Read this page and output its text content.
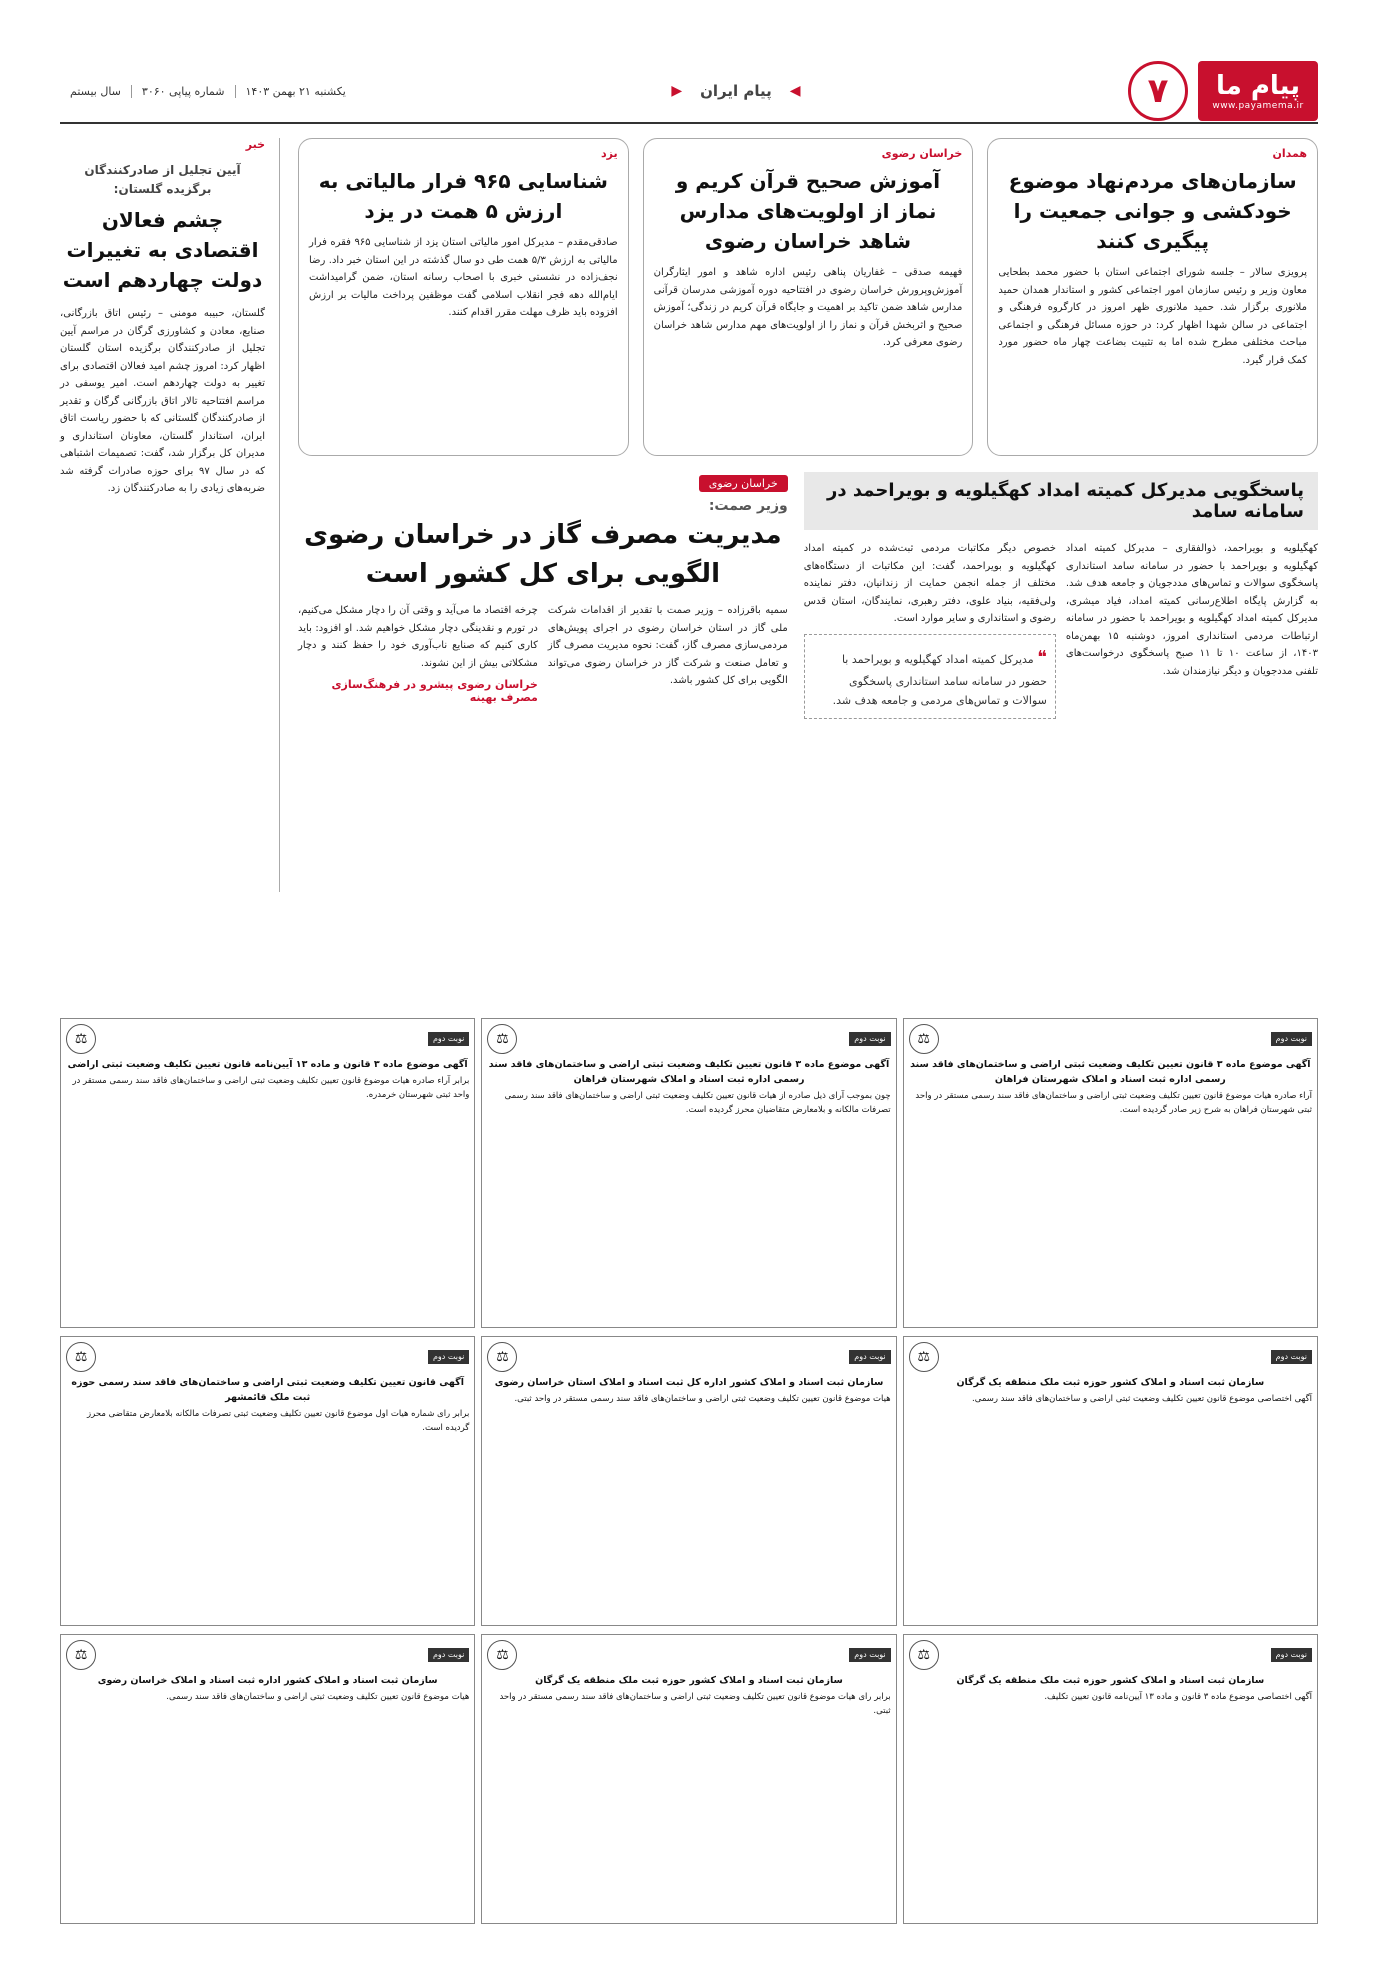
پیام ما
www.payamema.ir
۷
◀
پیام ایران
▶
یکشنبه ۲۱ بهمن ۱۴۰۳
شماره پیاپی ۳۰۶۰
سال بیستم
همدان
سازمان‌های مردم‌نهاد موضوع خودکشی و جوانی جمعیت را پیگیری کنند

پرویزی سالار – جلسه شورای اجتماعی استان با حضور محمد بطحایی معاون وزیر و رئیس سازمان امور اجتماعی کشور و استاندار همدان حمید ملانوری برگزار شد. حمید ملانوری ظهر امروز در کارگروه فرهنگی و اجتماعی در سالن شهدا اظهار کرد: در حوزه مسائل فرهنگی و اجتماعی مباحث مختلفی مطرح شده اما به تثبیت بضاعت چهار ماه حضور مورد کمک قرار گیرد.

خراسان رضوی
آموزش صحیح قرآن کریم و نماز از اولویت‌های مدارس شاهد خراسان رضوی

فهیمه صدقی – غفاریان پناهی رئیس اداره شاهد و امور ایثارگران آموزش‌وپرورش خراسان رضوی در افتتاحیه دوره آموزشی مدرسان قرآنی مدارس شاهد ضمن تاکید بر اهمیت و جایگاه قرآن کریم در زندگی؛ آموزش صحیح و اثربخش قرآن و نماز را از اولویت‌های مهم مدارس شاهد خراسان رضوی معرفی کرد.

یزد
شناسایی ۹۶۵ فرار مالیاتی به ارزش ۵ همت در یزد

صادقی‌مقدم – مدیرکل امور مالیاتی استان یزد از شناسایی ۹۶۵ فقره فرار مالیاتی به ارزش ۵/۳ همت طی دو سال گذشته در این استان خبر داد. رضا نجف‌زاده در نشستی خبری با اصحاب رسانه استان، ضمن گرامیداشت ایام‌الله دهه فجر انقلاب اسلامی گفت موظفین پرداخت مالیات بر ارزش افزوده باید ظرف مهلت مقرر اقدام کنند.

پاسخگویی مدیرکل کمیته امداد کهگیلویه و بویراحمد در سامانه سامد

کهگیلویه و بویراحمد، ذوالفقاری – مدیرکل کمیته امداد کهگیلویه و بویراحمد با حضور در سامانه سامد استانداری پاسخگوی سوالات و تماس‌های مددجویان و جامعه هدف شد. به گزارش پایگاه اطلاع‌رسانی کمیته امداد، فیاد میشری، مدیرکل کمیته امداد کهگیلویه و بویراحمد با حضور در سامانه ارتباطات مردمی استانداری امروز، دوشنبه ۱۵ بهمن‌ماه ۱۴۰۳، از ساعت ۱۰ تا ۱۱ صبح پاسخگوی درخواست‌های تلفنی مددجویان و دیگر نیازمندان شد.

خصوص دیگر مکاتبات مردمی ثبت‌شده در کمیته امداد کهگیلویه و بویراحمد، گفت: این مکاتبات از دستگاه‌های مختلف از جمله انجمن حمایت از زندانیان، دفتر نماینده ولی‌فقیه، بنیاد علوی، دفتر رهبری، نمایندگان، استان قدس رضوی و استانداری و سایر موارد است.

❝ مدیرکل کمیته امداد کهگیلویه و بویراحمد با حضور در سامانه سامد استانداری پاسخگوی سوالات و تماس‌های مردمی و جامعه هدف شد.
خراسان رضوی
وزیر صمت:
مدیریت مصرف گاز در خراسان رضوی الگویی برای کل کشور است

سمیه باقرزاده – وزیر صمت با تقدیر از اقدامات شرکت ملی گاز در استان خراسان رضوی در اجرای پویش‌های مردمی‌سازی مصرف گاز، گفت: نحوه مدیریت مصرف گاز و تعامل صنعت و شرکت گاز در خراسان رضوی می‌تواند الگویی برای کل کشور باشد.

چرخه اقتصاد ما می‌آید و وقتی آن را دچار مشکل می‌کنیم، در تورم و نقدینگی دچار مشکل خواهیم شد. او افزود: باید کاری کنیم که صنایع ناب‌آوری خود را حفظ کنند و دچار مشکلاتی بیش از این نشوند.

خراسان رضوی پیشرو در فرهنگ‌سازی مصرف بهینه
خبر
آیین تجلیل از صادرکنندگان برگزیده گلستان:
چشم فعالان اقتصادی به تغییرات دولت چهاردهم است

گلستان، حبیبه مومنی – رئیس اتاق بازرگانی، صنایع، معادن و کشاورزی گرگان در مراسم آیین تجلیل از صادرکنندگان برگزیده استان گلستان اظهار کرد: امروز چشم امید فعالان اقتصادی برای تغییر به دولت چهاردهم است. امیر یوسفی در مراسم افتتاحیه تالار اتاق بازرگانی گرگان و تقدیر از صادرکنندگان گلستانی که با حضور ریاست اتاق ایران، استاندار گلستان، معاونان استانداری و مدیران کل برگزار شد، گفت: تصمیمات اشتباهی که در سال ۹۷ برای حوزه صادرات گرفته شد ضربه‌های زیادی را به صادرکنندگان زد.

نوبت دوم
⚖
آگهی موضوع ماده ۳ قانون تعیین تکلیف وضعیت ثبتی اراضی و ساختمان‌های فاقد سند رسمی اداره ثبت اسناد و املاک شهرستان فراهان
آراء صادره هیات موضوع قانون تعیین تکلیف وضعیت ثبتی اراضی و ساختمان‌های فاقد سند رسمی مستقر در واحد ثبتی شهرستان فراهان به شرح زیر صادر گردیده است.
نوبت دوم
⚖
آگهی موضوع ماده ۳ قانون تعیین تکلیف وضعیت ثبتی اراضی و ساختمان‌های فاقد سند رسمی اداره ثبت اسناد و املاک شهرستان فراهان
چون بموجب آرای ذیل صادره از هیات قانون تعیین تکلیف وضعیت ثبتی اراضی و ساختمان‌های فاقد سند رسمی تصرفات مالکانه و بلامعارض متقاضیان محرز گردیده است.
نوبت دوم
⚖
آگهی موضوع ماده ۳ قانون و ماده ۱۳ آیین‌نامه قانون تعیین تکلیف وضعیت ثبتی اراضی
برابر آراء صادره هیات موضوع قانون تعیین تکلیف وضعیت ثبتی اراضی و ساختمان‌های فاقد سند رسمی مستقر در واحد ثبتی شهرستان خرمدره.
نوبت دوم
⚖
سازمان ثبت اسناد و املاک کشور حوزه ثبت ملک منطقه یک گرگان
آگهی اختصاصی موضوع قانون تعیین تکلیف وضعیت ثبتی اراضی و ساختمان‌های فاقد سند رسمی.
نوبت دوم
⚖
سازمان ثبت اسناد و املاک کشور اداره کل ثبت اسناد و املاک استان خراسان رضوی
هیات موضوع قانون تعیین تکلیف وضعیت ثبتی اراضی و ساختمان‌های فاقد سند رسمی مستقر در واحد ثبتی.
نوبت دوم
⚖
آگهی قانون تعیین تکلیف وضعیت ثبتی اراضی و ساختمان‌های فاقد سند رسمی حوزه ثبت ملک قائمشهر
برابر رای شماره هیات اول موضوع قانون تعیین تکلیف وضعیت ثبتی تصرفات مالکانه بلامعارض متقاضی محرز گردیده است.
نوبت دوم
⚖
سازمان ثبت اسناد و املاک کشور حوزه ثبت ملک منطقه یک گرگان
آگهی اختصاصی موضوع ماده ۳ قانون و ماده ۱۳ آیین‌نامه قانون تعیین تکلیف.
نوبت دوم
⚖
سازمان ثبت اسناد و املاک کشور حوزه ثبت ملک منطقه یک گرگان
برابر رای هیات موضوع قانون تعیین تکلیف وضعیت ثبتی اراضی و ساختمان‌های فاقد سند رسمی مستقر در واحد ثبتی.
نوبت دوم
⚖
سازمان ثبت اسناد و املاک کشور اداره ثبت اسناد و املاک خراسان رضوی
هیات موضوع قانون تعیین تکلیف وضعیت ثبتی اراضی و ساختمان‌های فاقد سند رسمی.
